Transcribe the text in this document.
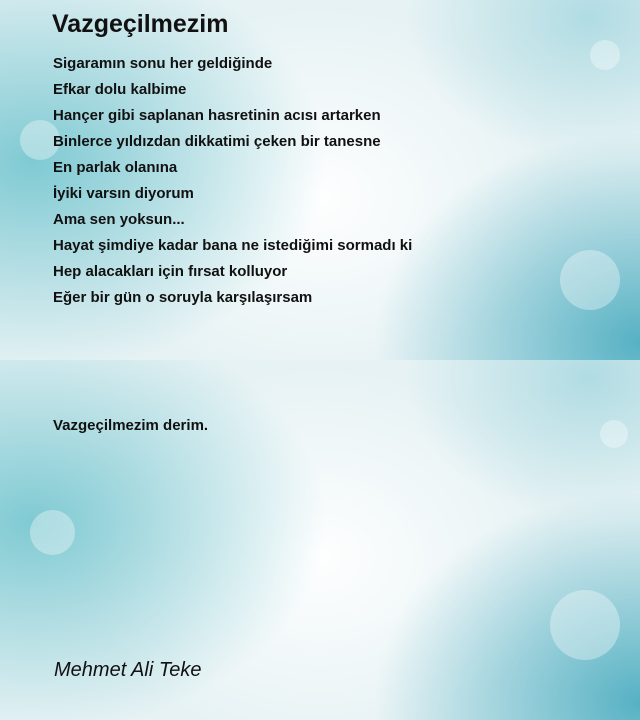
Vazgeçilmezim
Sigaramın sonu her geldiğinde
Efkar dolu kalbime
Hançer gibi saplanan hasretinin acısı artarken
Binlerce yıldızdan dikkatimi çeken bir tanesne
En parlak olanına
İyiki varsın diyorum
Ama sen yoksun...
Hayat şimdiye kadar bana ne istediğimi sormadı ki
Hep alacakları için fırsat kolluyor
Eğer bir gün o soruyla karşılaşırsam
Vazgeçilmezim derim.
Mehmet Ali Teke
